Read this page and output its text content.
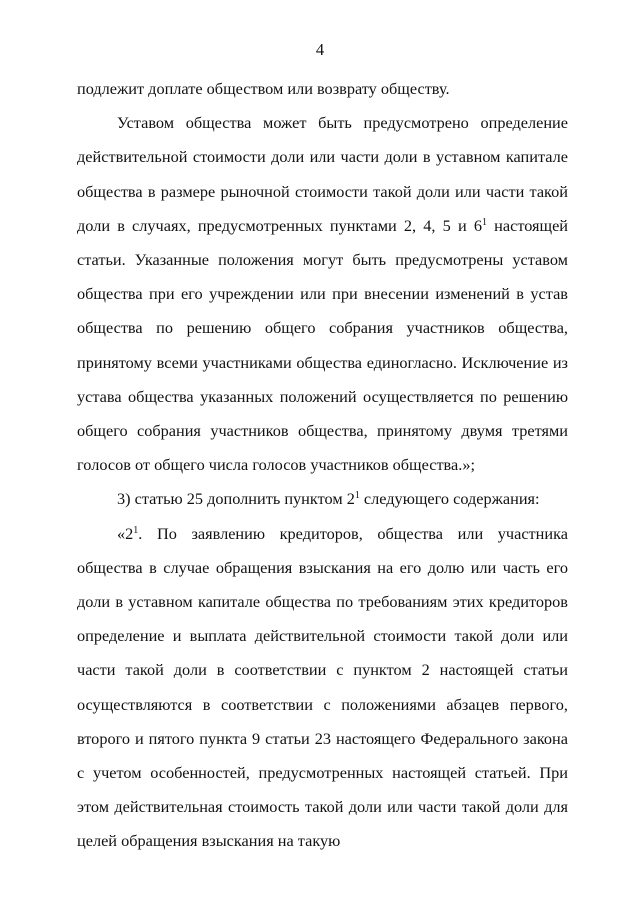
4

подлежит доплате обществом или возврату обществу.

Уставом общества может быть предусмотрено определение действительной стоимости доли или части доли в уставном капитале общества в размере рыночной стоимости такой доли или части такой доли в случаях, предусмотренных пунктами 2, 4, 5 и $6^1$ настоящей статьи. Указанные положения могут быть предусмотрены уставом общества при его учреждении или при внесении изменений в устав общества по решению общего собрания участников общества, принятому всеми участниками общества единогласно. Исключение из устава общества указанных положений осуществляется по решению общего собрания участников общества, принятому двумя третями голосов от общего числа голосов участников общества.»;

3) статью 25 дополнить пунктом $2^1$ следующего содержания:

«$2^1$. По заявлению кредиторов, общества или участника общества в случае обращения взыскания на его долю или часть его доли в уставном капитале общества по требованиям этих кредиторов определение и выплата действительной стоимости такой доли или части такой доли в соответствии с пунктом 2 настоящей статьи осуществляются в соответствии с положениями абзацев первого, второго и пятого пункта 9 статьи 23 настоящего Федерального закона с учетом особенностей, предусмотренных настоящей статьей. При этом действительная стоимость такой доли или части такой доли для целей обращения взыскания на такую
